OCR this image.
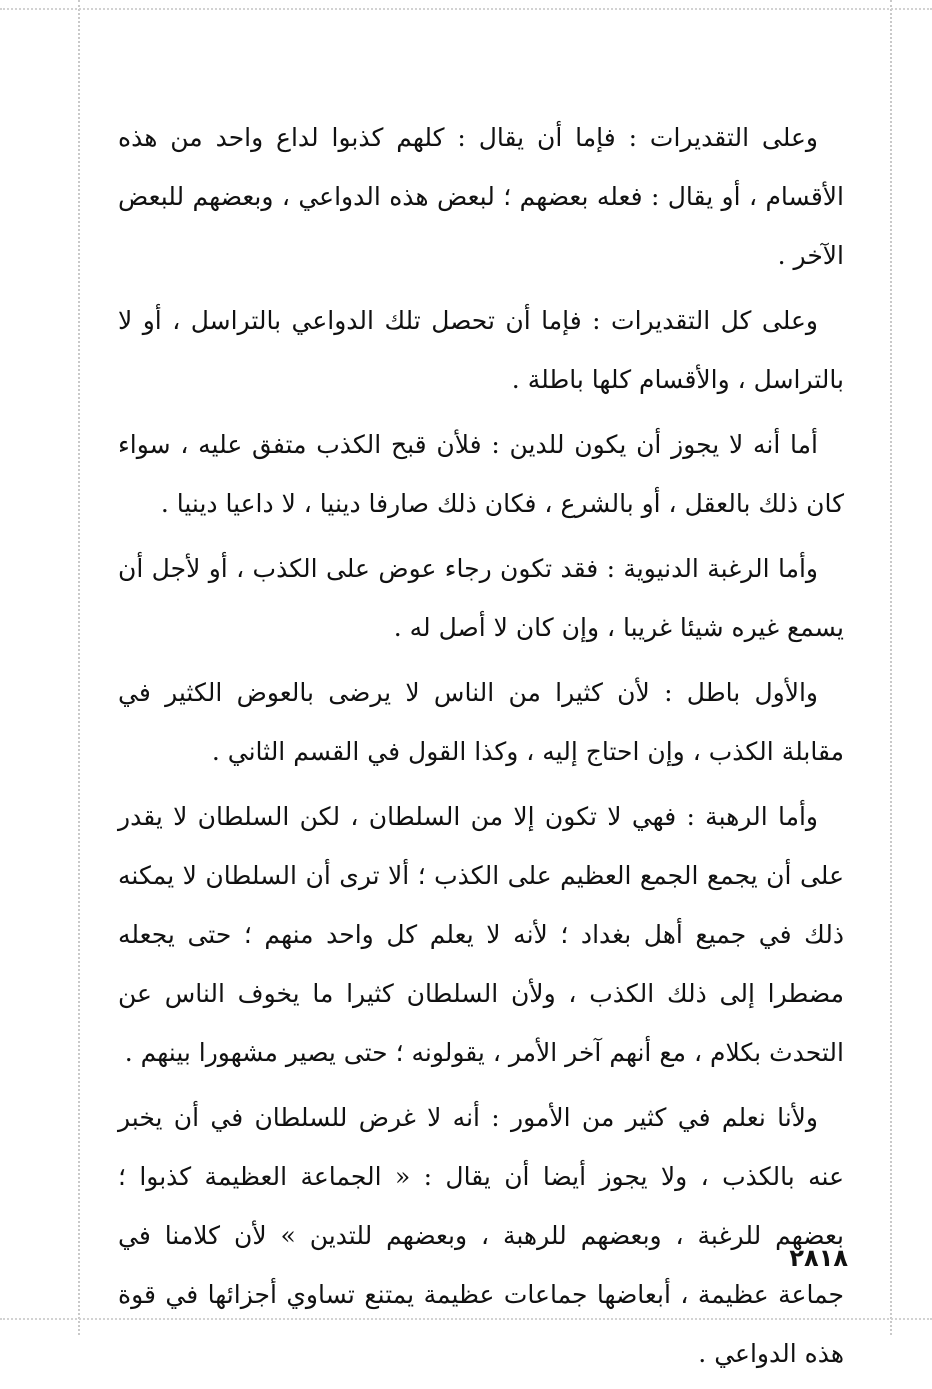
وعلى التقديرات : فإما أن يقال : كلهم كذبوا لداع واحد من هذه الأقسام ، أو يقال : فعله بعضهم ؛ لبعض هذه الدواعي ، وبعضهم للبعض الآخر .

وعلى كل التقديرات : فإما أن تحصل تلك الدواعي بالتراسل ، أو لا بالتراسل ، والأقسام كلها باطلة .

أما أنه لا يجوز أن يكون للدين : فلأن قبح الكذب متفق عليه ، سواء كان ذلك بالعقل ، أو بالشرع ، فكان ذلك صارفا دينيا ، لا داعيا دينيا .

وأما الرغبة الدنيوية : فقد تكون رجاء عوض على الكذب ، أو لأجل أن يسمع غيره شيئا غريبا ، وإن كان لا أصل له .

والأول باطل : لأن كثيرا من الناس لا يرضى بالعوض الكثير في مقابلة الكذب ، وإن احتاج إليه ، وكذا القول في القسم الثاني .

وأما الرهبة : فهي لا تكون إلا من السلطان ، لكن السلطان لا يقدر على أن يجمع الجمع العظيم على الكذب ؛ ألا ترى أن السلطان لا يمكنه ذلك في جميع أهل بغداد ؛ لأنه لا يعلم كل واحد منهم ؛ حتى يجعله مضطرا إلى ذلك الكذب ، ولأن السلطان كثيرا ما يخوف الناس عن التحدث بكلام ، مع أنهم آخر الأمر ، يقولونه ؛ حتى يصير مشهورا بينهم .

ولأنا نعلم في كثير من الأمور : أنه لا غرض للسلطان في أن يخبر عنه بالكذب ، ولا يجوز أيضا أن يقال : « الجماعة العظيمة كذبوا ؛ بعضهم للرغبة ، وبعضهم للرهبة ، وبعضهم للتدين » لأن كلامنا في جماعة عظيمة ، أبعاضها جماعات عظيمة يمتنع تساوي أجزائها في قوة هذه الدواعي .

٢٨١٨
